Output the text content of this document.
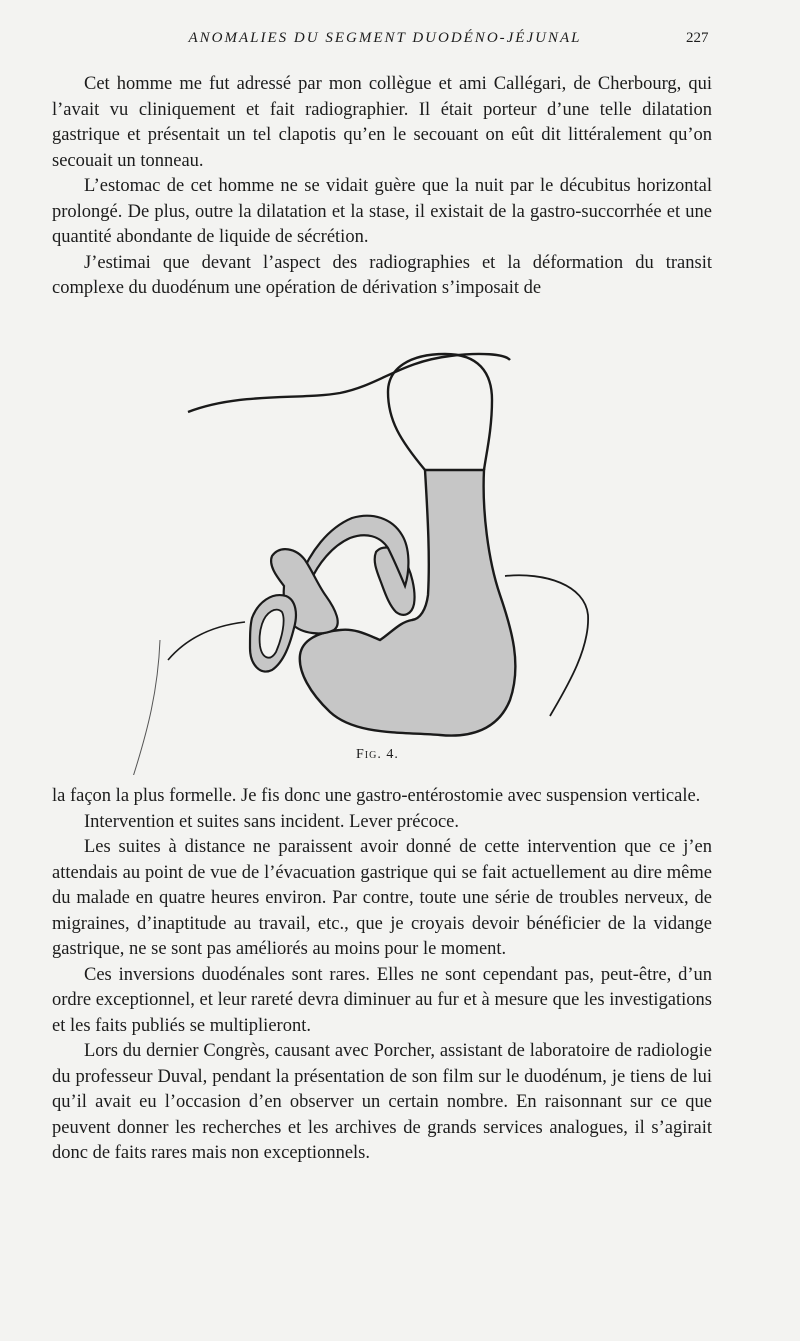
ANOMALIES DU SEGMENT DUODÉNO-JÉJUNAL	227

Cet homme me fut adressé par mon collègue et ami Callégari, de Cherbourg, qui l’avait vu cliniquement et fait radiographier. Il était porteur d’une telle dilatation gastrique et présentait un tel clapotis qu’en le secouant on eût dit littéralement qu’on secouait un tonneau.

L’estomac de cet homme ne se vidait guère que la nuit par le décubitus horizontal prolongé. De plus, outre la dilatation et la stase, il existait de la gastro-succorrhée et une quantité abondante de liquide de sécrétion.

J’estimai que devant l’aspect des radiographies et la déformation du transit complexe du duodénum une opération de dérivation s’imposait de

Fig. 4.

la façon la plus formelle. Je fis donc une gastro-entérostomie avec suspension verticale.

Intervention et suites sans incident. Lever précoce.

Les suites à distance ne paraissent avoir donné de cette intervention que ce j’en attendais au point de vue de l’évacuation gastrique qui se fait actuellement au dire même du malade en quatre heures environ. Par contre, toute une série de troubles nerveux, de migraines, d’inaptitude au travail, etc., que je croyais devoir bénéficier de la vidange gastrique, ne se sont pas améliorés au moins pour le moment.

Ces inversions duodénales sont rares. Elles ne sont cependant pas, peut-être, d’un ordre exceptionnel, et leur rareté devra diminuer au fur et à mesure que les investigations et les faits publiés se multiplieront.

Lors du dernier Congrès, causant avec Porcher, assistant de laboratoire de radiologie du professeur Duval, pendant la présentation de son film sur le duodénum, je tiens de lui qu’il avait eu l’occasion d’en observer un certain nombre. En raisonnant sur ce que peuvent donner les recherches et les archives de grands services analogues, il s’agirait donc de faits rares mais non exceptionnels.
